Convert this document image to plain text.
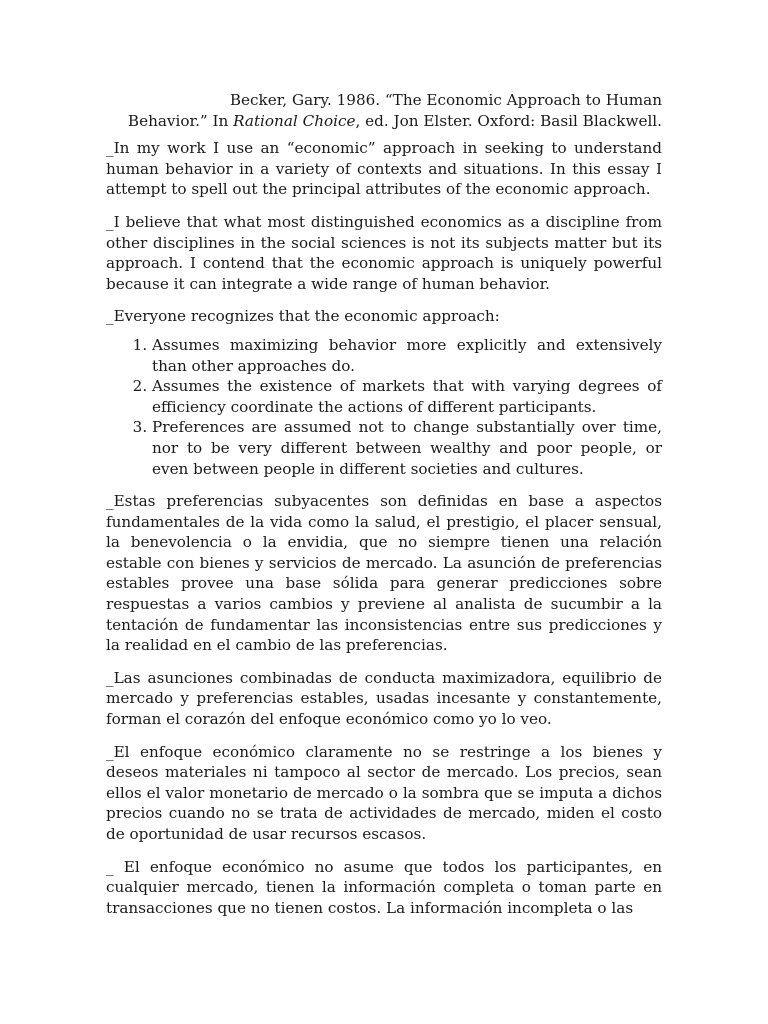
Becker, Gary. 1986. “The Economic Approach to Human
Behavior.” In Rational Choice, ed. Jon Elster. Oxford: Basil Blackwell.

_In my work I use an “economic” approach in seeking to understand human behavior in a variety of contexts and situations. In this essay I attempt to spell out the principal attributes of the economic approach.

_I believe that what most distinguished economics as a discipline from other disciplines in the social sciences is not its subjects matter but its approach. I contend that the economic approach is uniquely powerful because it can integrate a wide range of human behavior.

_Everyone recognizes that the economic approach:

1. Assumes maximizing behavior more explicitly and extensively than other approaches do.
2. Assumes the existence of markets that with varying degrees of efficiency coordinate the actions of different participants.
3. Preferences are assumed not to change substantially over time, nor to be very different between wealthy and poor people, or even between people in different societies and cultures.

_Estas preferencias subyacentes son definidas en base a aspectos fundamentales de la vida como la salud, el prestigio, el placer sensual, la benevolencia o la envidia, que no siempre tienen una relación estable con bienes y servicios de mercado. La asunción de preferencias estables provee una base sólida para generar predicciones sobre respuestas a varios cambios y previene al analista de sucumbir a la tentación de fundamentar las inconsistencias entre sus predicciones y la realidad en el cambio de las preferencias.

_Las asunciones combinadas de conducta maximizadora, equilibrio de mercado y preferencias estables, usadas incesante y constantemente, forman el corazón del enfoque económico como yo lo veo.

_El enfoque económico claramente no se restringe a los bienes y deseos materiales ni tampoco al sector de mercado. Los precios, sean ellos el valor monetario de mercado o la sombra que se imputa a dichos precios cuando no se trata de actividades de mercado, miden el costo de oportunidad de usar recursos escasos.

_ El enfoque económico no asume que todos los participantes, en cualquier mercado, tienen la información completa o toman parte en transacciones que no tienen costos. La información incompleta o las
